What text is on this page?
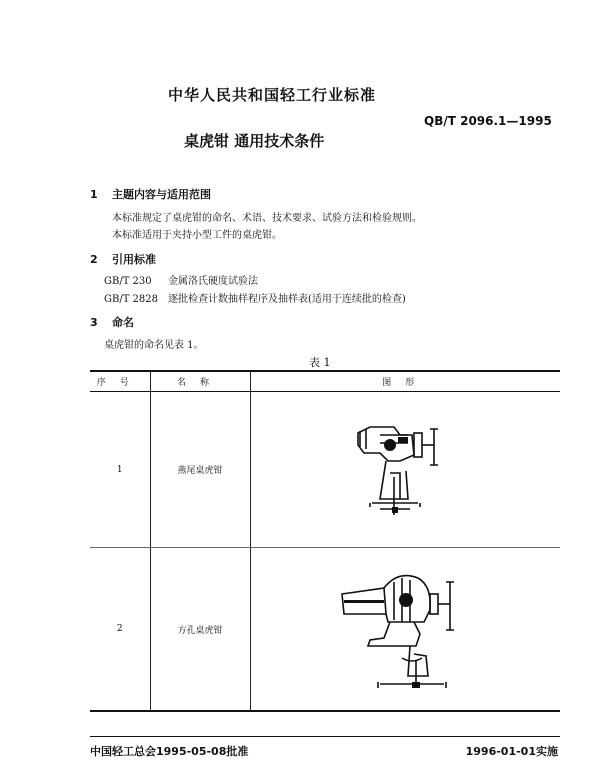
中华人民共和国轻工行业标准
QB/T 2096.1—1995
桌虎钳 通用技术条件
1 主题内容与适用范围
本标准规定了桌虎钳的命名、术语、技术要求、试验方法和检验规则。
本标准适用于夹持小型工件的桌虎钳。
2 引用标准
GB/T 230 金属洛氏硬度试验法
GB/T 2828 逐批检查计数抽样程序及抽样表(适用于连续批的检查)
3 命名
桌虎钳的命名见表 1。
表 1
序号	名称	图形
1	燕尾桌虎钳	

2	方孔桌虎钳	
中国轻工总会1995-05-08批准	1996-01-01实施
